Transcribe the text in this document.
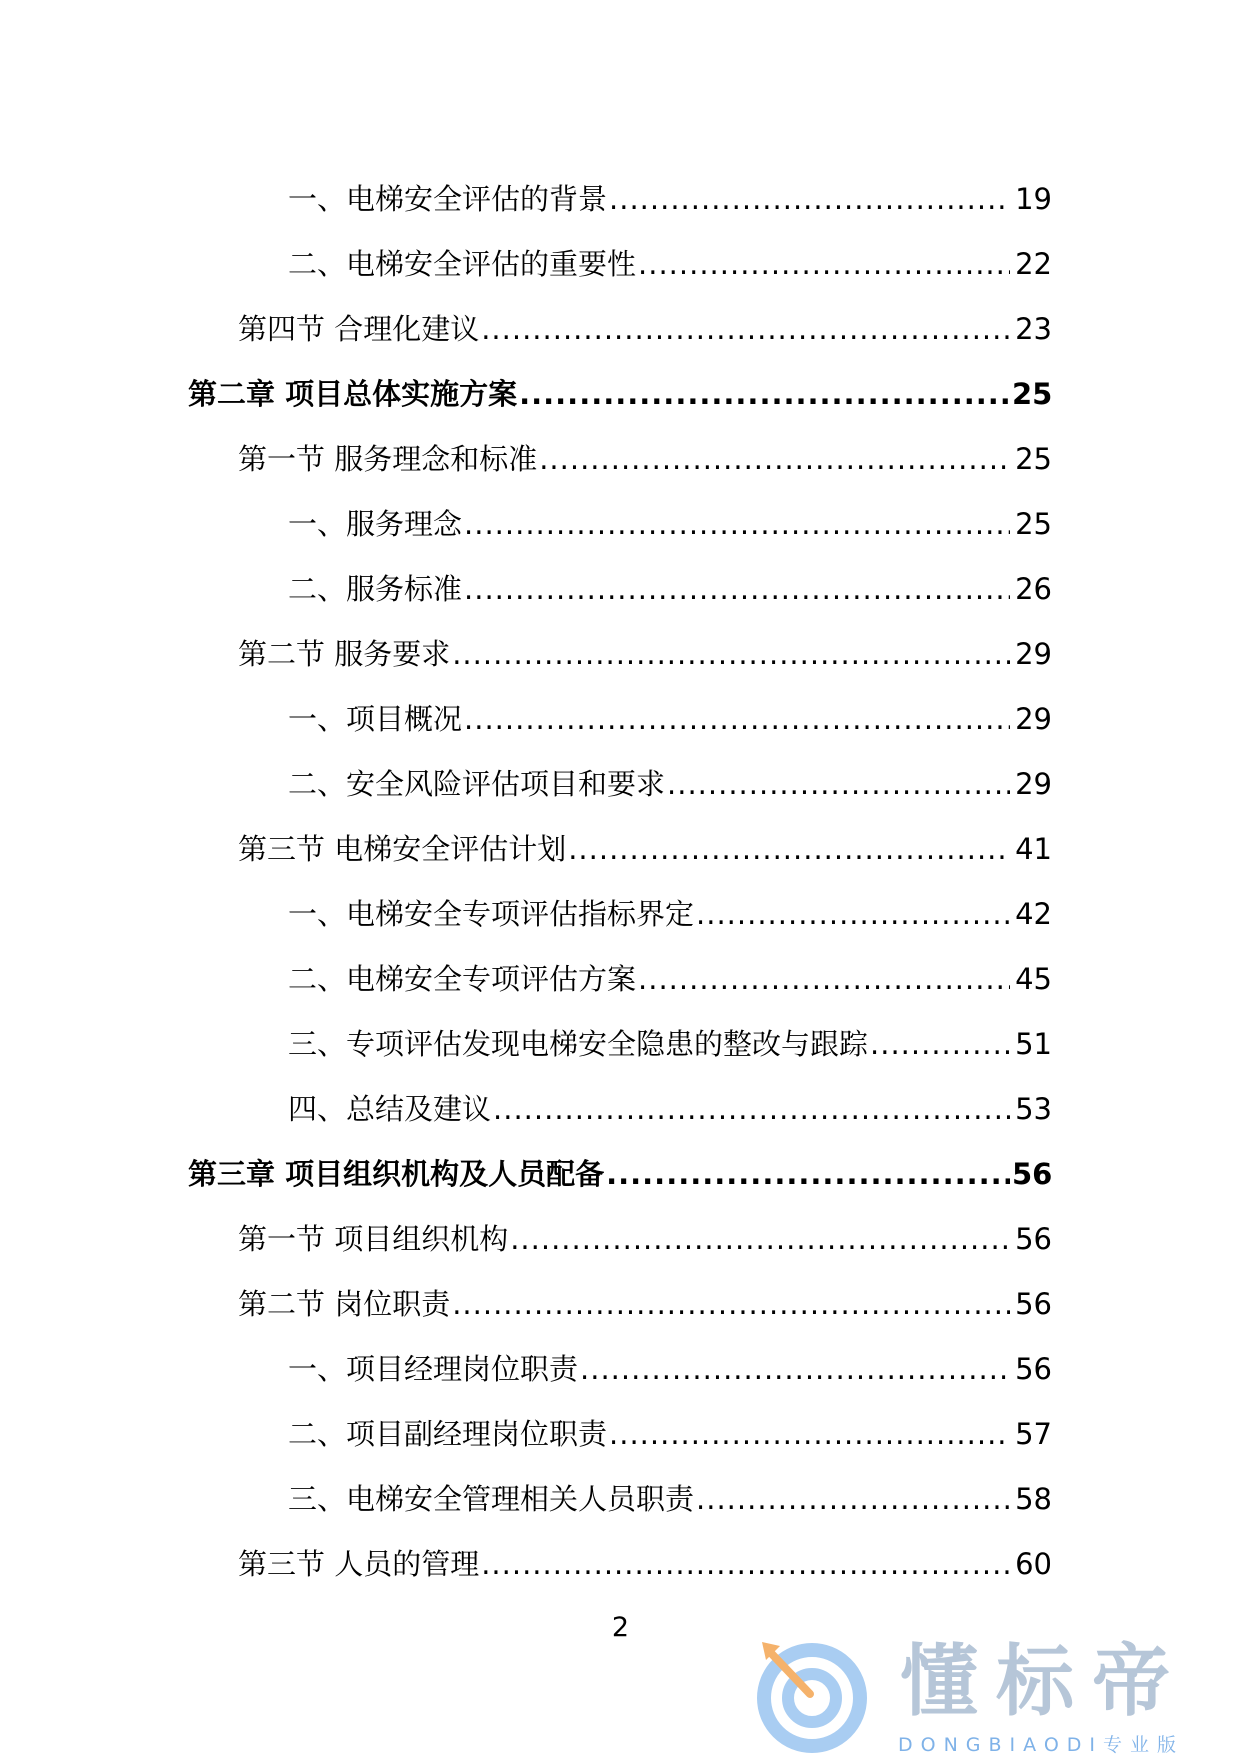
一、电梯安全评估的背景 .....	19
二、电梯安全评估的重要性 .....	22
第四节 合理化建议 .....	23
第二章 项目总体实施方案 .....	25
第一节 服务理念和标准 .....	25
一、服务理念 .....	25
二、服务标准 .....	26
第二节 服务要求 .....	29
一、项目概况 .....	29
二、安全风险评估项目和要求 .....	29
第三节 电梯安全评估计划 .....	41
一、电梯安全专项评估指标界定 .....	42
二、电梯安全专项评估方案 .....	45
三、专项评估发现电梯安全隐患的整改与跟踪 .....	51
四、总结及建议 .....	53
第三章 项目组织机构及人员配备 .....	56
第一节 项目组织机构 .....	56
第二节 岗位职责 .....	56
一、项目经理岗位职责 .....	56
二、项目副经理岗位职责 .....	57
三、电梯安全管理相关人员职责 .....	58
第三节 人员的管理 .....	60
2
懂标帝
DONGBIAODI专业版
